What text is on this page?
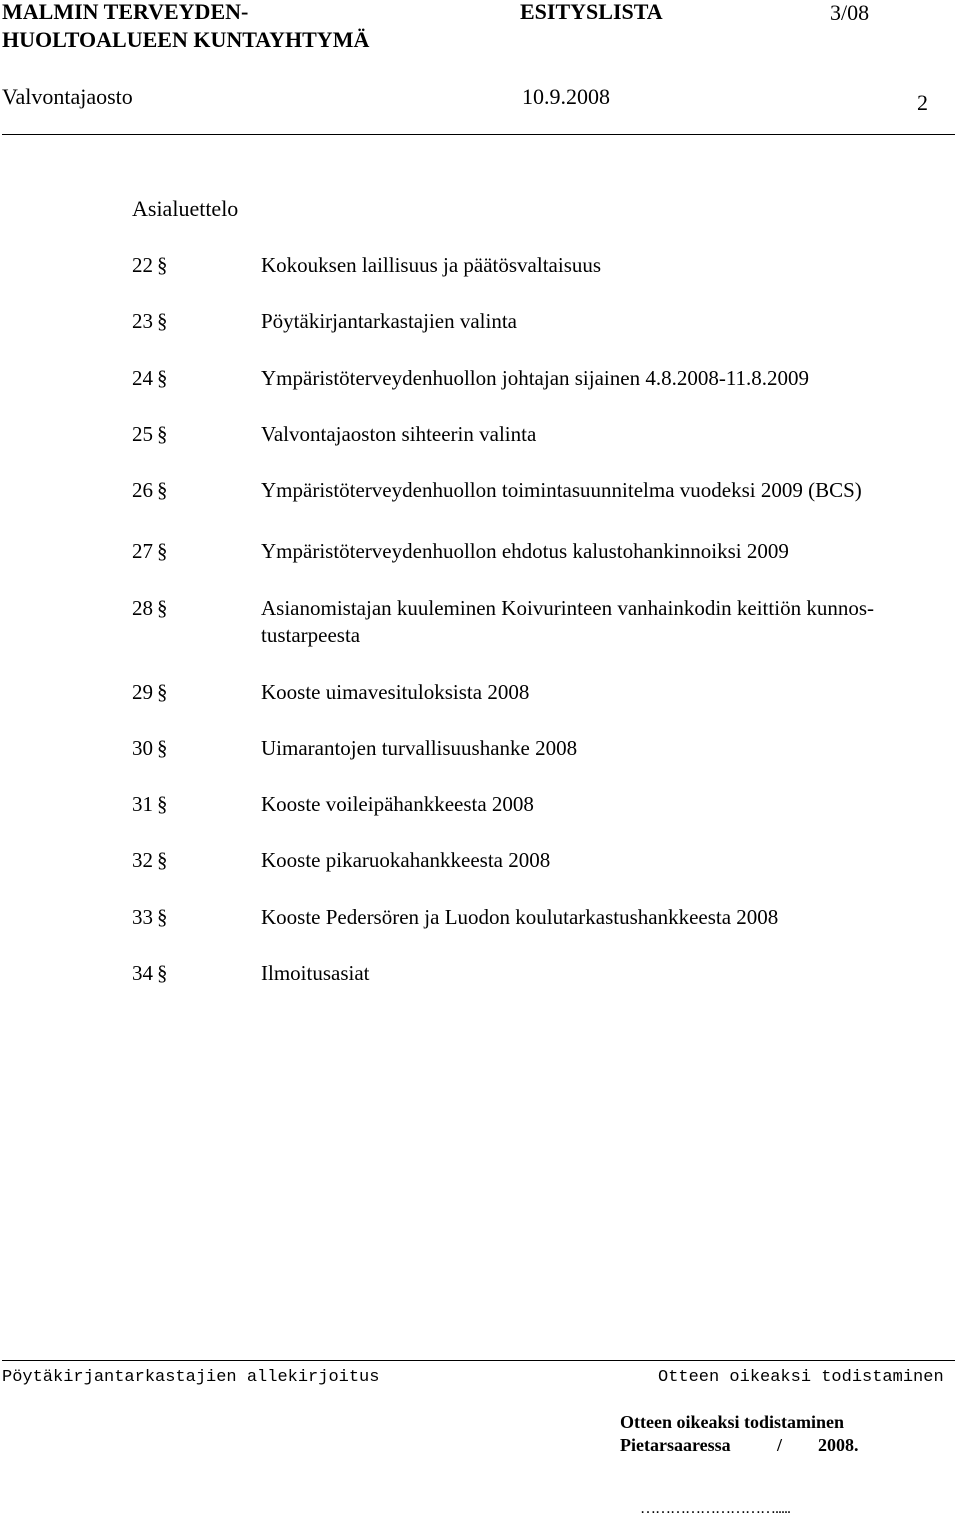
MALMIN TERVEYDEN-
HUOLTOALUEEN KUNTAYHTYMÄ
ESITYSLISTA	3/08
Valvontajaosto	10.9.2008	2
Asialuettelo
22 §	Kokouksen laillisuus ja päätösvaltaisuus
23 §	Pöytäkirjantarkastajien valinta
24 §	Ympäristöterveydenhuollon johtajan sijainen 4.8.2008-11.8.2009
25 §	Valvontajaoston sihteerin valinta
26 §	Ympäristöterveydenhuollon toimintasuunnitelma vuodeksi 2009 (BCS)
27 §	Ympäristöterveydenhuollon ehdotus kalustohankinnoiksi 2009
28 §	Asianomistajan kuuleminen Koivurinteen vanhainkodin keittiön kunnos-
tustarpeesta
29 §	Kooste uimavesituloksista 2008
30 §	Uimarantojen turvallisuushanke 2008
31 §	Kooste voileipähankkeesta 2008
32 §	Kooste pikaruokahankkeesta 2008
33 §	Kooste Pedersören ja Luodon koulutarkastushankkeesta 2008
34 §	Ilmoitusasiat
Pöytäkirjantarkastajien allekirjoitus	Otteen oikeaksi todistaminen
Otteen oikeaksi todistaminen
Pietarsaaressa	/ 2008.
……………………….....
